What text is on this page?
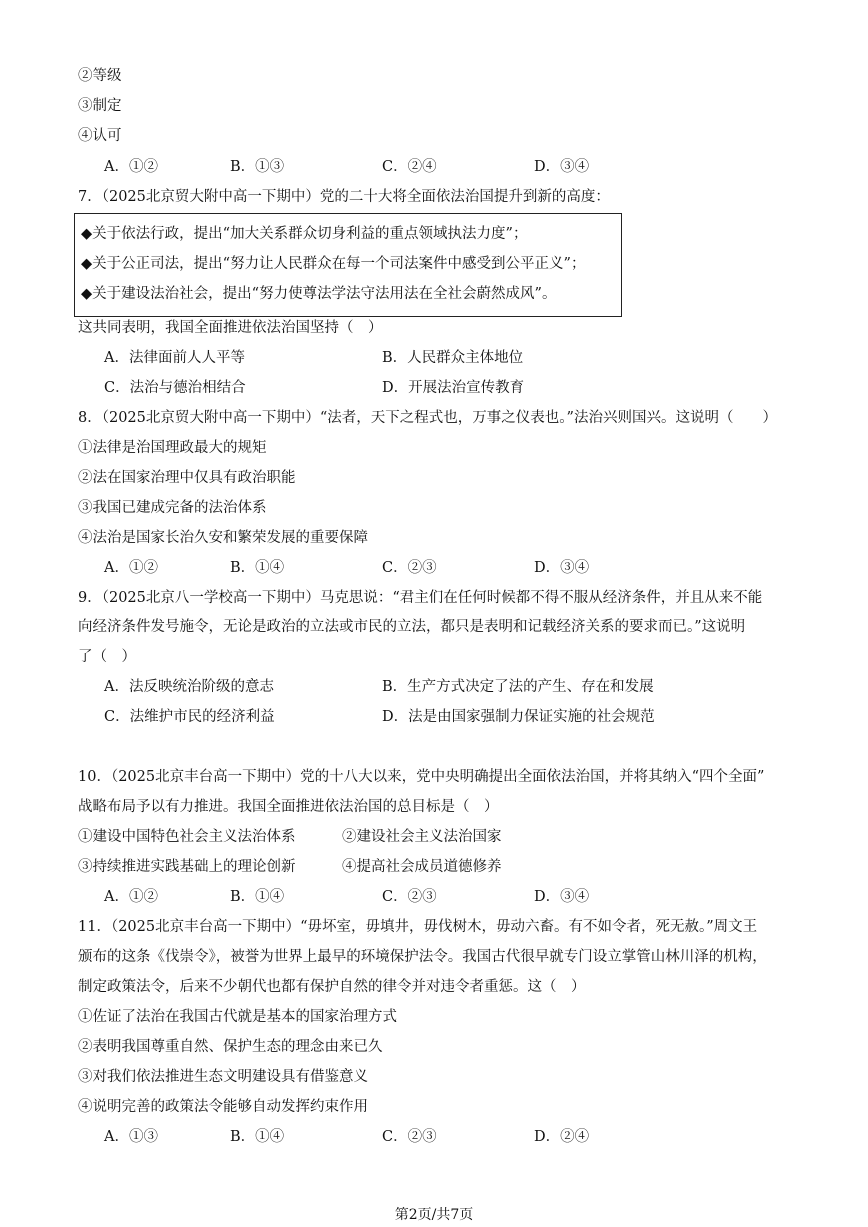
②等级
③制定
④认可
A．①②	B．①③	C．②④	D．③④
7．（2025北京贸大附中高一下期中）党的二十大将全面依法治国提升到新的高度：
◆关于依法行政，提出“加大关系群众切身利益的重点领域执法力度”；
◆关于公正司法，提出“努力让人民群众在每一个司法案件中感受到公平正义”；
◆关于建设法治社会，提出“努力使尊法学法守法用法在全社会蔚然成风”。
这共同表明，我国全面推进依法治国坚持（　）
A．法律面前人人平等	B．人民群众主体地位
C．法治与德治相结合	D．开展法治宣传教育
8．（2025北京贸大附中高一下期中）“法者，天下之程式也，万事之仪表也。”法治兴则国兴。这说明（　　）
①法律是治国理政最大的规矩
②法在国家治理中仅具有政治职能
③我国已建成完备的法治体系
④法治是国家长治久安和繁荣发展的重要保障
A．①②	B．①④	C．②③	D．③④
9．（2025北京八一学校高一下期中）马克思说：“君主们在任何时候都不得不服从经济条件，并且从来不能
向经济条件发号施令，无论是政治的立法或市民的立法，都只是表明和记载经济关系的要求而已。”这说明
了（　）
A．法反映统治阶级的意志	B．生产方式决定了法的产生、存在和发展
C．法维护市民的经济利益	D．法是由国家强制力保证实施的社会规范
10．（2025北京丰台高一下期中）党的十八大以来，党中央明确提出全面依法治国，并将其纳入“四个全面”
战略布局予以有力推进。我国全面推进依法治国的总目标是（　）
①建设中国特色社会主义法治体系	②建设社会主义法治国家
③持续推进实践基础上的理论创新	④提高社会成员道德修养
A．①②	B．①④	C．②③	D．③④
11．（2025北京丰台高一下期中）“毋坏室，毋填井，毋伐树木，毋动六畜。有不如令者，死无赦。”周文王
颁布的这条《伐崇令》，被誉为世界上最早的环境保护法令。我国古代很早就专门设立掌管山林川泽的机构，
制定政策法令，后来不少朝代也都有保护自然的律令并对违令者重惩。这（　）
①佐证了法治在我国古代就是基本的国家治理方式
②表明我国尊重自然、保护生态的理念由来已久
③对我们依法推进生态文明建设具有借鉴意义
④说明完善的政策法令能够自动发挥约束作用
A．①③	B．①④	C．②③	D．②④
第2页/共7页
